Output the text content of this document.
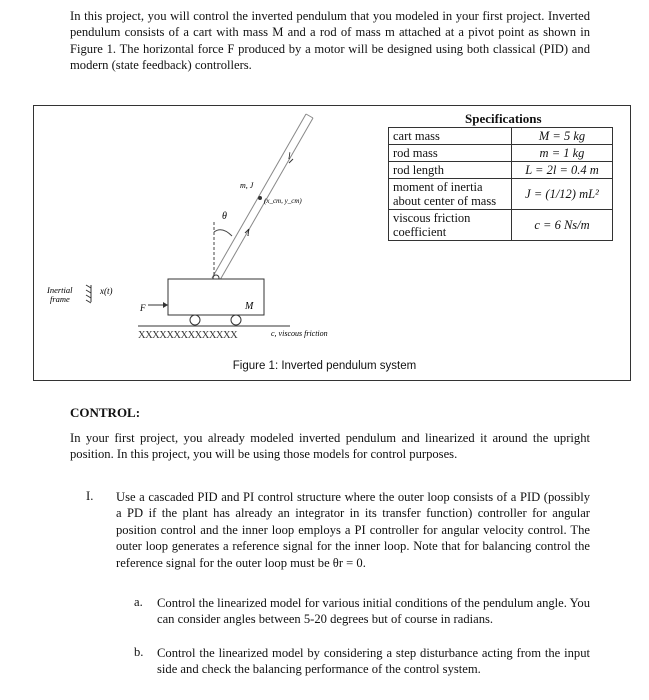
In this project, you will control the inverted pendulum that you modeled in your first project. Inverted pendulum consists of a cart with mass M and a rod of mass m attached at a pivot point as shown in Figure 1. The horizontal force F produced by a motor will be designed using both classical (PID) and modern (state feedback) controllers.
Inertial
frame
x(t)
F	M
XXXXXXXXXXXXXX	c, viscous friction
θ
l
l
m, J
(x_cm, y_cm)
Specifications
cart mass	M = 5 kg
rod mass	m = 1 kg
rod length	L = 2l = 0.4 m
moment of inertia about center of mass	J = (1/12) mL²
viscous friction coefficient	c = 6 Ns/m
Figure 1: Inverted pendulum system
CONTROL:
In your first project, you already modeled inverted pendulum and linearized it around the upright position. In this project, you will be using those models for control purposes.
I. Use a cascaded PID and PI control structure where the outer loop consists of a PID (possibly a PD if the plant has already an integrator in its transfer function) controller for angular position control and the inner loop employs a PI controller for angular velocity control. The outer loop generates a reference signal for the inner loop. Note that for balancing control the reference signal for the outer loop must be θr = 0.
a. Control the linearized model for various initial conditions of the pendulum angle. You can consider angles between 5-20 degrees but of course in radians.
b. Control the linearized model by considering a step disturbance acting from the input side and check the balancing performance of the control system.
